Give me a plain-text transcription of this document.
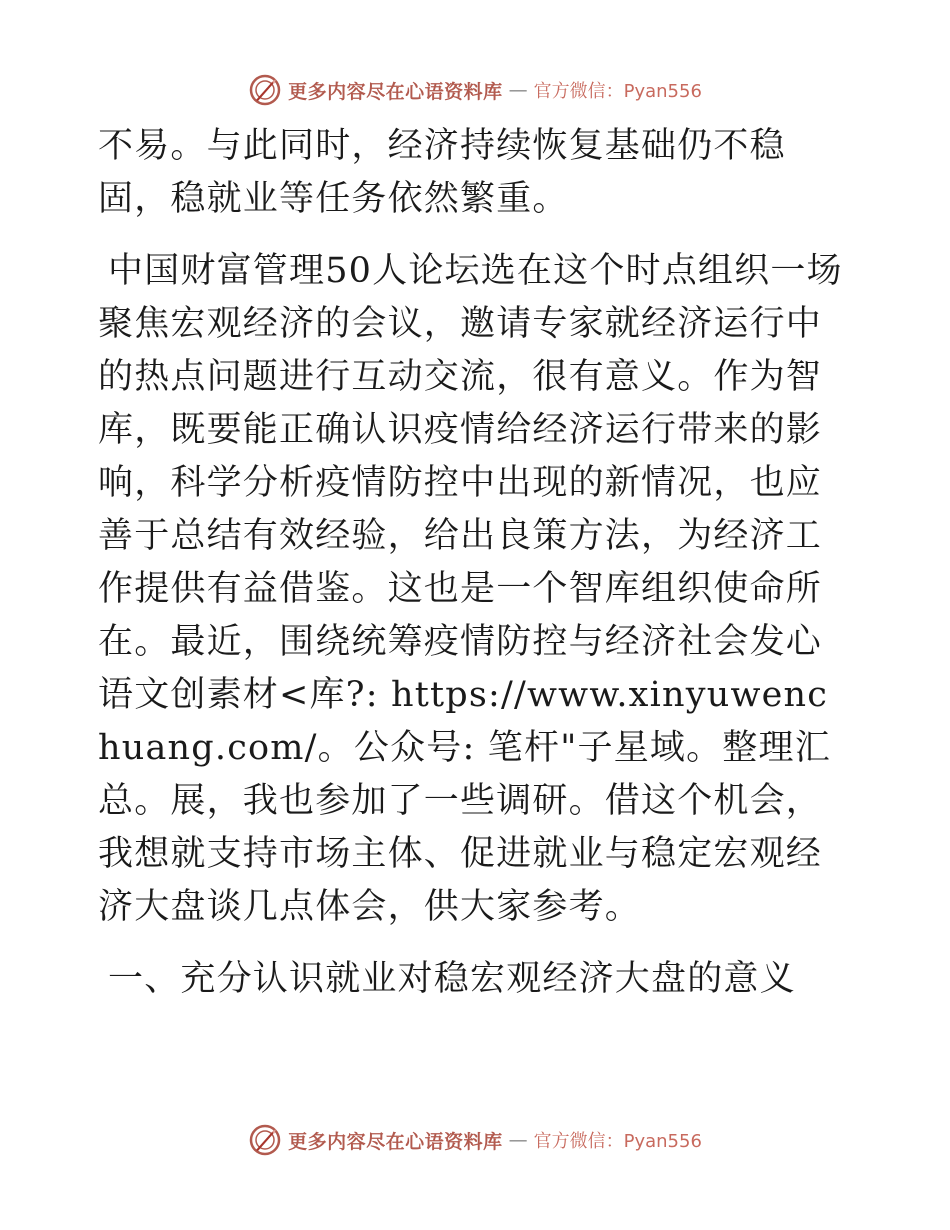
更多内容尽在心语资料库 — 官方微信：Pyan556

不易。与此同时，经济持续恢复基础仍不稳固，稳就业等任务依然繁重。

中国财富管理50人论坛选在这个时点组织一场聚焦宏观经济的会议，邀请专家就经济运行中的热点问题进行互动交流，很有意义。作为智库，既要能正确认识疫情给经济运行带来的影响，科学分析疫情防控中出现的新情况，也应善于总结有效经验，给出良策方法，为经济工作提供有益借鉴。这也是一个智库组织使命所在。最近，围绕统筹疫情防控与经济社会发心语文创素材<库?: https://www.xinyuwenchuang.com/。公众号: 笔杆"子星域。整理汇总。展，我也参加了一些调研。借这个机会，我想就支持市场主体、促进就业与稳定宏观经济大盘谈几点体会，供大家参考。

一、充分认识就业对稳宏观经济大盘的意义

更多内容尽在心语资料库 — 官方微信：Pyan556
